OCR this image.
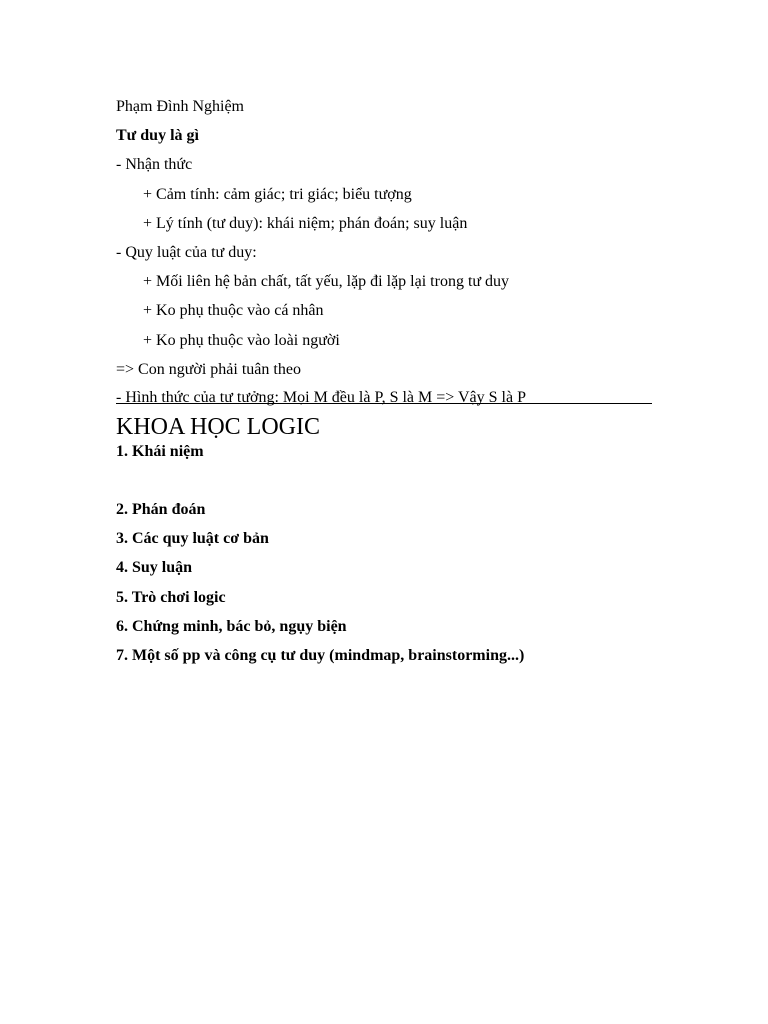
Phạm Đình Nghiệm
Tư duy là gì
- Nhận thức
+ Cảm tính: cảm giác; tri giác; biểu tượng
+ Lý tính (tư duy): khái niệm; phán đoán; suy luận
- Quy luật của tư duy:
+ Mối liên hệ bản chất, tất yếu, lặp đi lặp lại trong tư duy
+ Ko phụ thuộc vào cá nhân
+ Ko phụ thuộc vào loài người
=> Con người phải tuân theo
- Hình thức của tư tưởng: Mọi M đều là P, S là M => Vậy S là P
KHOA HỌC LOGIC
1. Khái niệm
2. Phán đoán
3. Các quy luật cơ bản
4. Suy luận
5. Trò chơi logic
6. Chứng minh, bác bỏ, ngụy biện
7. Một số pp và công cụ tư duy (mindmap, brainstorming...)
